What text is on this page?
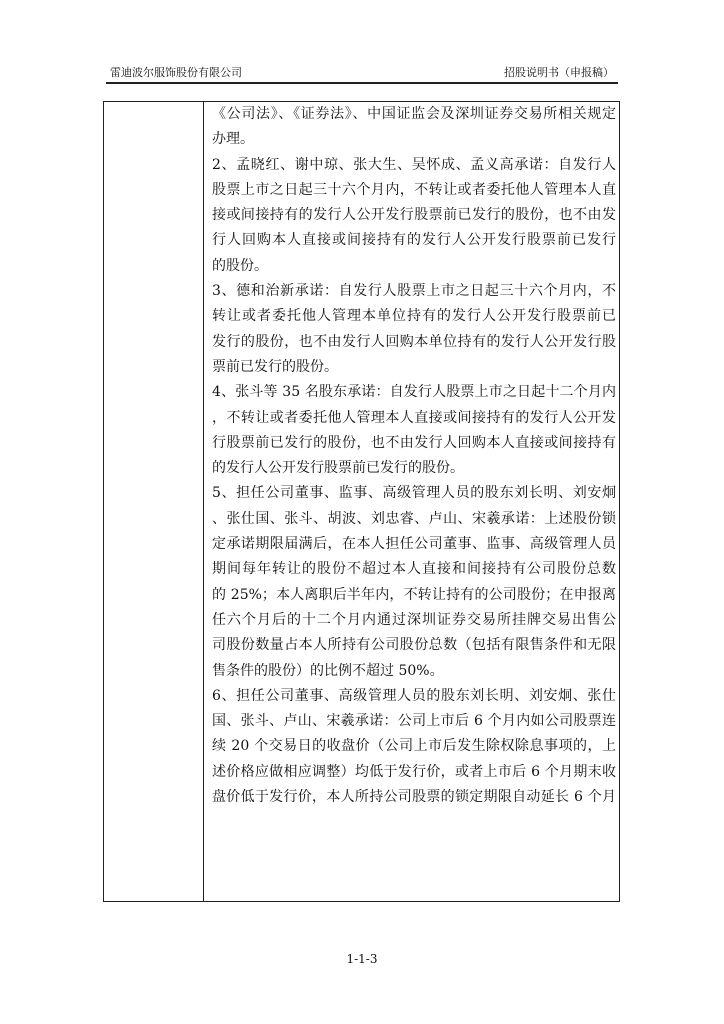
雷迪波尔服饰股份有限公司	招股说明书（申报稿）
《公司法》、《证券法》、中国证监会及深圳证券交易所相关规定
办理。
2、孟晓红、谢中琼、张大生、吴怀成、孟义高承诺：自发行人
股票上市之日起三十六个月内，不转让或者委托他人管理本人直
接或间接持有的发行人公开发行股票前已发行的股份，也不由发
行人回购本人直接或间接持有的发行人公开发行股票前已发行
的股份。
3、德和治新承诺：自发行人股票上市之日起三十六个月内，不
转让或者委托他人管理本单位持有的发行人公开发行股票前已
发行的股份，也不由发行人回购本单位持有的发行人公开发行股
票前已发行的股份。
4、张斗等 35 名股东承诺：自发行人股票上市之日起十二个月内
，不转让或者委托他人管理本人直接或间接持有的发行人公开发
行股票前已发行的股份，也不由发行人回购本人直接或间接持有
的发行人公开发行股票前已发行的股份。
5、担任公司董事、监事、高级管理人员的股东刘长明、刘安炯
、张仕国、张斗、胡波、刘忠睿、卢山、宋羲承诺：上述股份锁
定承诺期限届满后，在本人担任公司董事、监事、高级管理人员
期间每年转让的股份不超过本人直接和间接持有公司股份总数
的 25%；本人离职后半年内，不转让持有的公司股份；在申报离
任六个月后的十二个月内通过深圳证券交易所挂牌交易出售公
司股份数量占本人所持有公司股份总数（包括有限售条件和无限
售条件的股份）的比例不超过 50%。
6、担任公司董事、高级管理人员的股东刘长明、刘安炯、张仕
国、张斗、卢山、宋羲承诺：公司上市后 6 个月内如公司股票连
续 20 个交易日的收盘价（公司上市后发生除权除息事项的，上
述价格应做相应调整）均低于发行价，或者上市后 6 个月期末收
盘价低于发行价，本人所持公司股票的锁定期限自动延长 6 个月
1-1-3
